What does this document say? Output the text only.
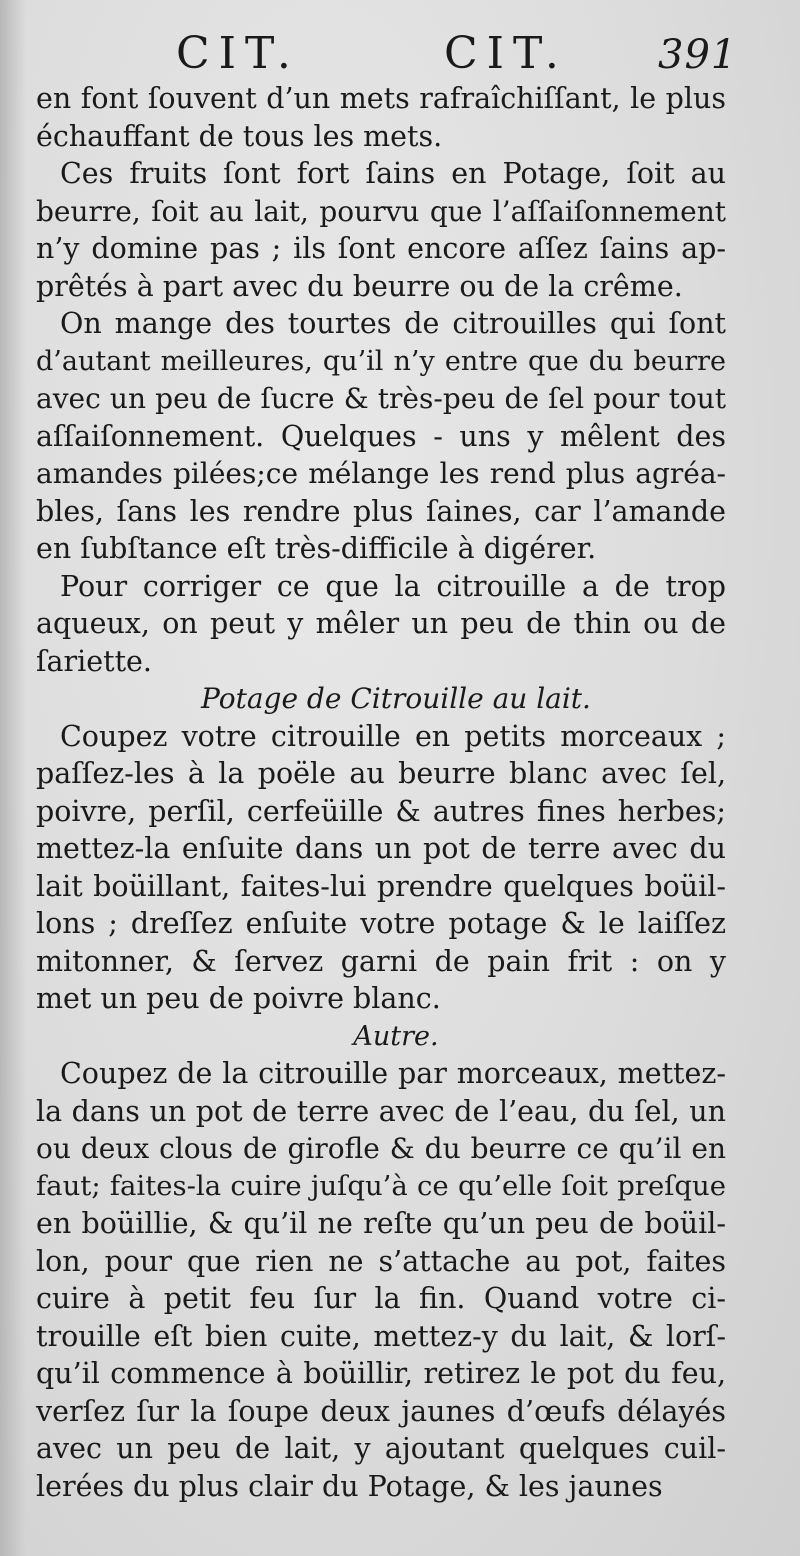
CIT.	CIT. 391
en font ſouvent d’un mets rafraîchiſſant, le plus
échauffant de tous les mets.
Ces fruits ſont fort ſains en Potage, ſoit au
beurre, ſoit au lait, pourvu que l’aſſaiſonnement
n’y domine pas ; ils ſont encore aſſez ſains ap-
prêtés à part avec du beurre ou de la crême.
On mange des tourtes de citrouilles qui ſont
d’autant meilleures, qu’il n’y entre que du beurre
avec un peu de ſucre & très-peu de ſel pour tout
aſſaiſonnement. Quelques - uns y mêlent des
amandes pilées;ce mélange les rend plus agréa-
bles, ſans les rendre plus ſaines, car l’amande
en ſubſtance eſt très-difficile à digérer.
Pour corriger ce que la citrouille a de trop
aqueux, on peut y mêler un peu de thin ou de
ſariette.
Potage de Citrouille au lait.
Coupez votre citrouille en petits morceaux ;
paſſez-les à la poële au beurre blanc avec ſel,
poivre, perſil, cerfeüille & autres fines herbes;
mettez-la enſuite dans un pot de terre avec du
lait boüillant, faites-lui prendre quelques boüil-
lons ; dreſſez enſuite votre potage & le laiſſez
mitonner, & ſervez garni de pain frit : on y
met un peu de poivre blanc.
Autre.
Coupez de la citrouille par morceaux, mettez-
la dans un pot de terre avec de l’eau, du ſel, un
ou deux clous de girofle & du beurre ce qu’il en
faut; faites-la cuire juſqu’à ce qu’elle ſoit preſque
en boüillie, & qu’il ne reſte qu’un peu de boüil-
lon, pour que rien ne s’attache au pot, faites
cuire à petit feu ſur la fin. Quand votre ci-
trouille eſt bien cuite, mettez-y du lait, & lorſ-
qu’il commence à boüillir, retirez le pot du feu,
verſez ſur la ſoupe deux jaunes d’œufs délayés
avec un peu de lait, y ajoutant quelques cuil-
lerées du plus clair du Potage, & les jaunes
